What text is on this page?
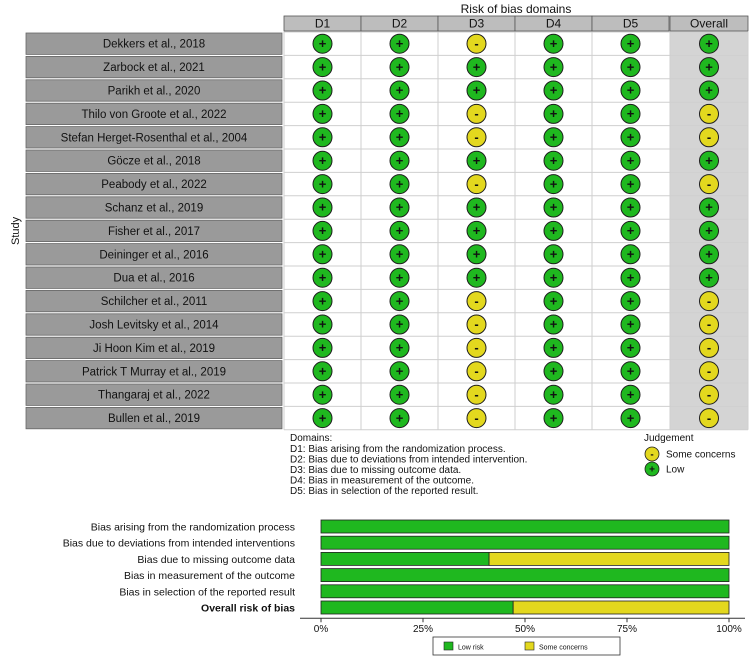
Risk of bias domains
D1	D2	D3	D4	D5	Overall
Dekkers et al., 2018	+	+	-	+	+	+
Zarbock et al., 2021	+	+	+	+	+	+
Parikh et al., 2020	+	+	+	+	+	+
Thilo von Groote et al., 2022	+	+	-	+	+	-
Stefan Herget-Rosenthal et al., 2004	+	+	-	+	+	-
Göcze et al., 2018	+	+	+	+	+	+
Peabody et al., 2022	+	+	-	+	+	-
Schanz et al., 2019	+	+	+	+	+	+
Fisher et al., 2017	+	+	+	+	+	+
Deininger et al., 2016	+	+	+	+	+	+
Dua et al., 2016	+	+	+	+	+	+
Schilcher et al., 2011	+	+	-	+	+	-
Josh Levitsky et al., 2014	+	+	-	+	+	-
Ji Hoon Kim et al., 2019	+	+	-	+	+	-
Patrick T Murray et al., 2019	+	+	-	+	+	-
Thangaraj et al., 2022	+	+	-	+	+	-
Bullen et al., 2019	+	+	-	+	+	-
Study
Domains:
D1: Bias arising from the randomization process.
D2: Bias due to deviations from intended intervention.
D3: Bias due to missing outcome data.
D4: Bias in measurement of the outcome.
D5: Bias in selection of the reported result.
Judgement
- Some concerns
+ Low
Bias arising from the randomization process
Bias due to deviations from intended interventions
Bias due to missing outcome data
Bias in measurement of the outcome
Bias in selection of the reported result
Overall risk of bias
0%	25%	50%	75%	100%
Low risk	Some concerns
